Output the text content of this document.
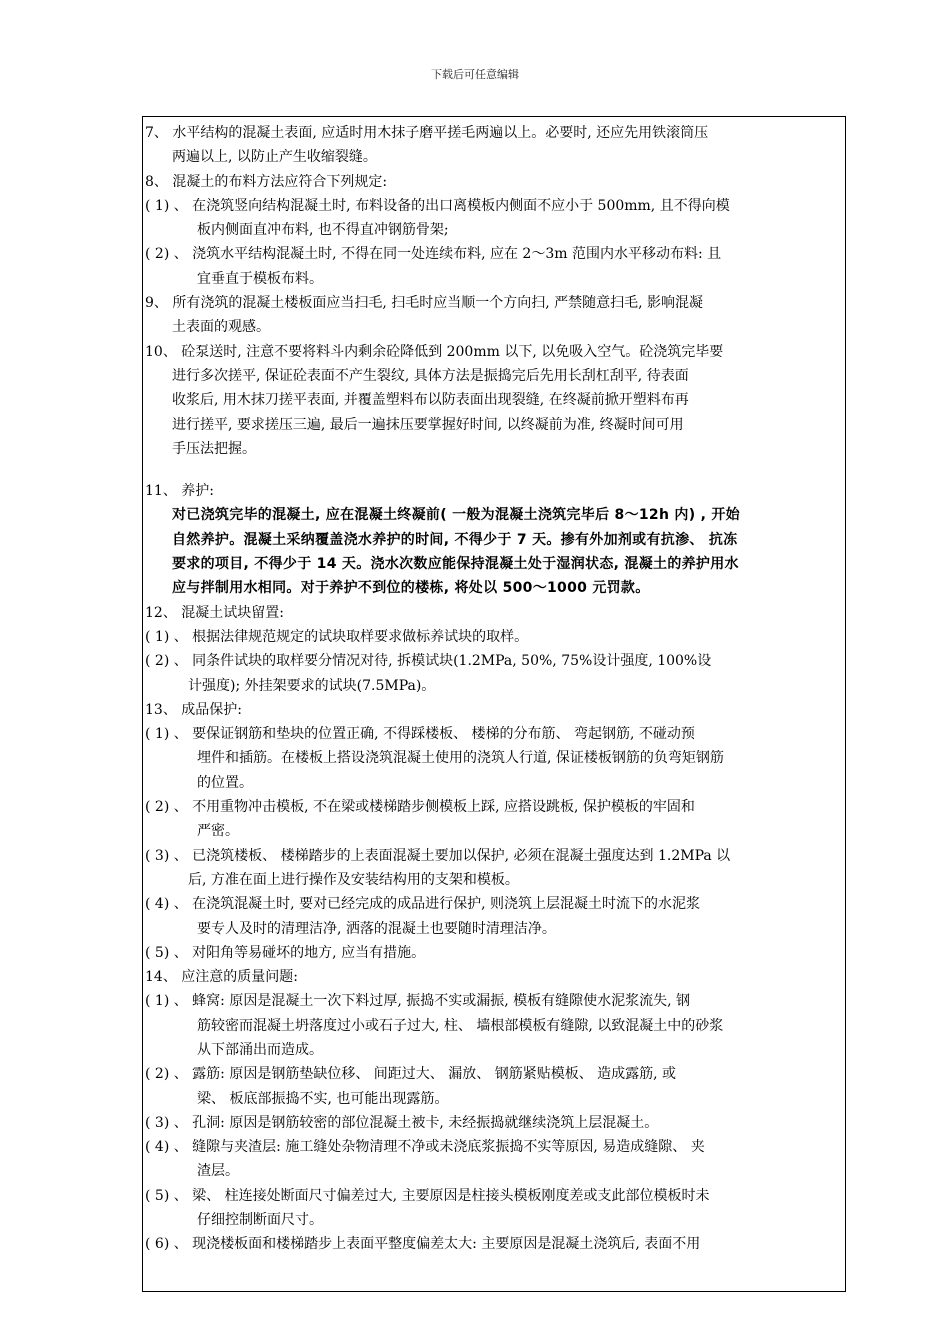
下载后可任意编辑
7、 水平结构的混凝土表面, 应适时用木抹子磨平搓毛两遍以上。必要时, 还应先用铁滚筒压
两遍以上, 以防止产生收缩裂缝。
8、 混凝土的布料方法应符合下列规定:
( 1) 、 在浇筑竖向结构混凝土时, 布料设备的出口离模板内侧面不应小于 500mm, 且不得向模
板内侧面直冲布料, 也不得直冲钢筋骨架;
( 2) 、 浇筑水平结构混凝土时, 不得在同一处连续布料, 应在 2～3m 范围内水平移动布料: 且
宜垂直于模板布料。
9、 所有浇筑的混凝土楼板面应当扫毛, 扫毛时应当顺一个方向扫, 严禁随意扫毛, 影响混凝
土表面的观感。
10、 砼泵送时, 注意不要将料斗内剩余砼降低到 200mm 以下, 以免吸入空气。砼浇筑完毕要
进行多次搓平, 保证砼表面不产生裂纹, 具体方法是振捣完后先用长刮杠刮平, 待表面
收浆后, 用木抹刀搓平表面, 并覆盖塑料布以防表面出现裂缝, 在终凝前掀开塑料布再
进行搓平, 要求搓压三遍, 最后一遍抹压要掌握好时间, 以终凝前为准, 终凝时间可用
手压法把握。
11、 养护:
对已浇筑完毕的混凝土, 应在混凝土终凝前( 一般为混凝土浇筑完毕后 8～12h 内) , 开始
自然养护。混凝土采纳覆盖浇水养护的时间, 不得少于 7 天。掺有外加剂或有抗渗、 抗冻
要求的项目, 不得少于 14 天。浇水次数应能保持混凝土处于湿润状态, 混凝土的养护用水
应与拌制用水相同。对于养护不到位的楼栋, 将处以 500～1000 元罚款。
12、 混凝土试块留置:
( 1) 、 根据法律规范规定的试块取样要求做标养试块的取样。
( 2) 、 同条件试块的取样要分情况对待, 拆模试块(1.2MPa, 50%, 75%设计强度, 100%设
计强度); 外挂架要求的试块(7.5MPa)。
13、 成品保护:
( 1) 、 要保证钢筋和垫块的位置正确, 不得踩楼板、 楼梯的分布筋、 弯起钢筋, 不碰动预
埋件和插筋。在楼板上搭设浇筑混凝土使用的浇筑人行道, 保证楼板钢筋的负弯矩钢筋
的位置。
( 2) 、 不用重物冲击模板, 不在梁或楼梯踏步侧模板上踩, 应搭设跳板, 保护模板的牢固和
严密。
( 3) 、 已浇筑楼板、 楼梯踏步的上表面混凝土要加以保护, 必须在混凝土强度达到 1.2MPa 以
后, 方准在面上进行操作及安装结构用的支架和模板。
( 4) 、 在浇筑混凝土时, 要对已经完成的成品进行保护, 则浇筑上层混凝土时流下的水泥浆
要专人及时的清理洁净, 洒落的混凝土也要随时清理洁净。
( 5) 、 对阳角等易碰坏的地方, 应当有措施。
14、 应注意的质量问题:
( 1) 、 蜂窝: 原因是混凝土一次下料过厚, 振捣不实或漏振, 模板有缝隙使水泥浆流失, 钢
筋较密而混凝土坍落度过小或石子过大, 柱、 墙根部模板有缝隙, 以致混凝土中的砂浆
从下部涌出而造成。
( 2) 、 露筋: 原因是钢筋垫缺位移、 间距过大、 漏放、 钢筋紧贴模板、 造成露筋, 或
梁、 板底部振捣不实, 也可能出现露筋。
( 3) 、 孔洞: 原因是钢筋较密的部位混凝土被卡, 未经振捣就继续浇筑上层混凝土。
( 4) 、 缝隙与夹渣层: 施工缝处杂物清理不净或未浇底浆振捣不实等原因, 易造成缝隙、 夹
渣层。
( 5) 、 梁、 柱连接处断面尺寸偏差过大, 主要原因是柱接头模板刚度差或支此部位模板时未
仔细控制断面尺寸。
( 6) 、 现浇楼板面和楼梯踏步上表面平整度偏差太大: 主要原因是混凝土浇筑后, 表面不用
